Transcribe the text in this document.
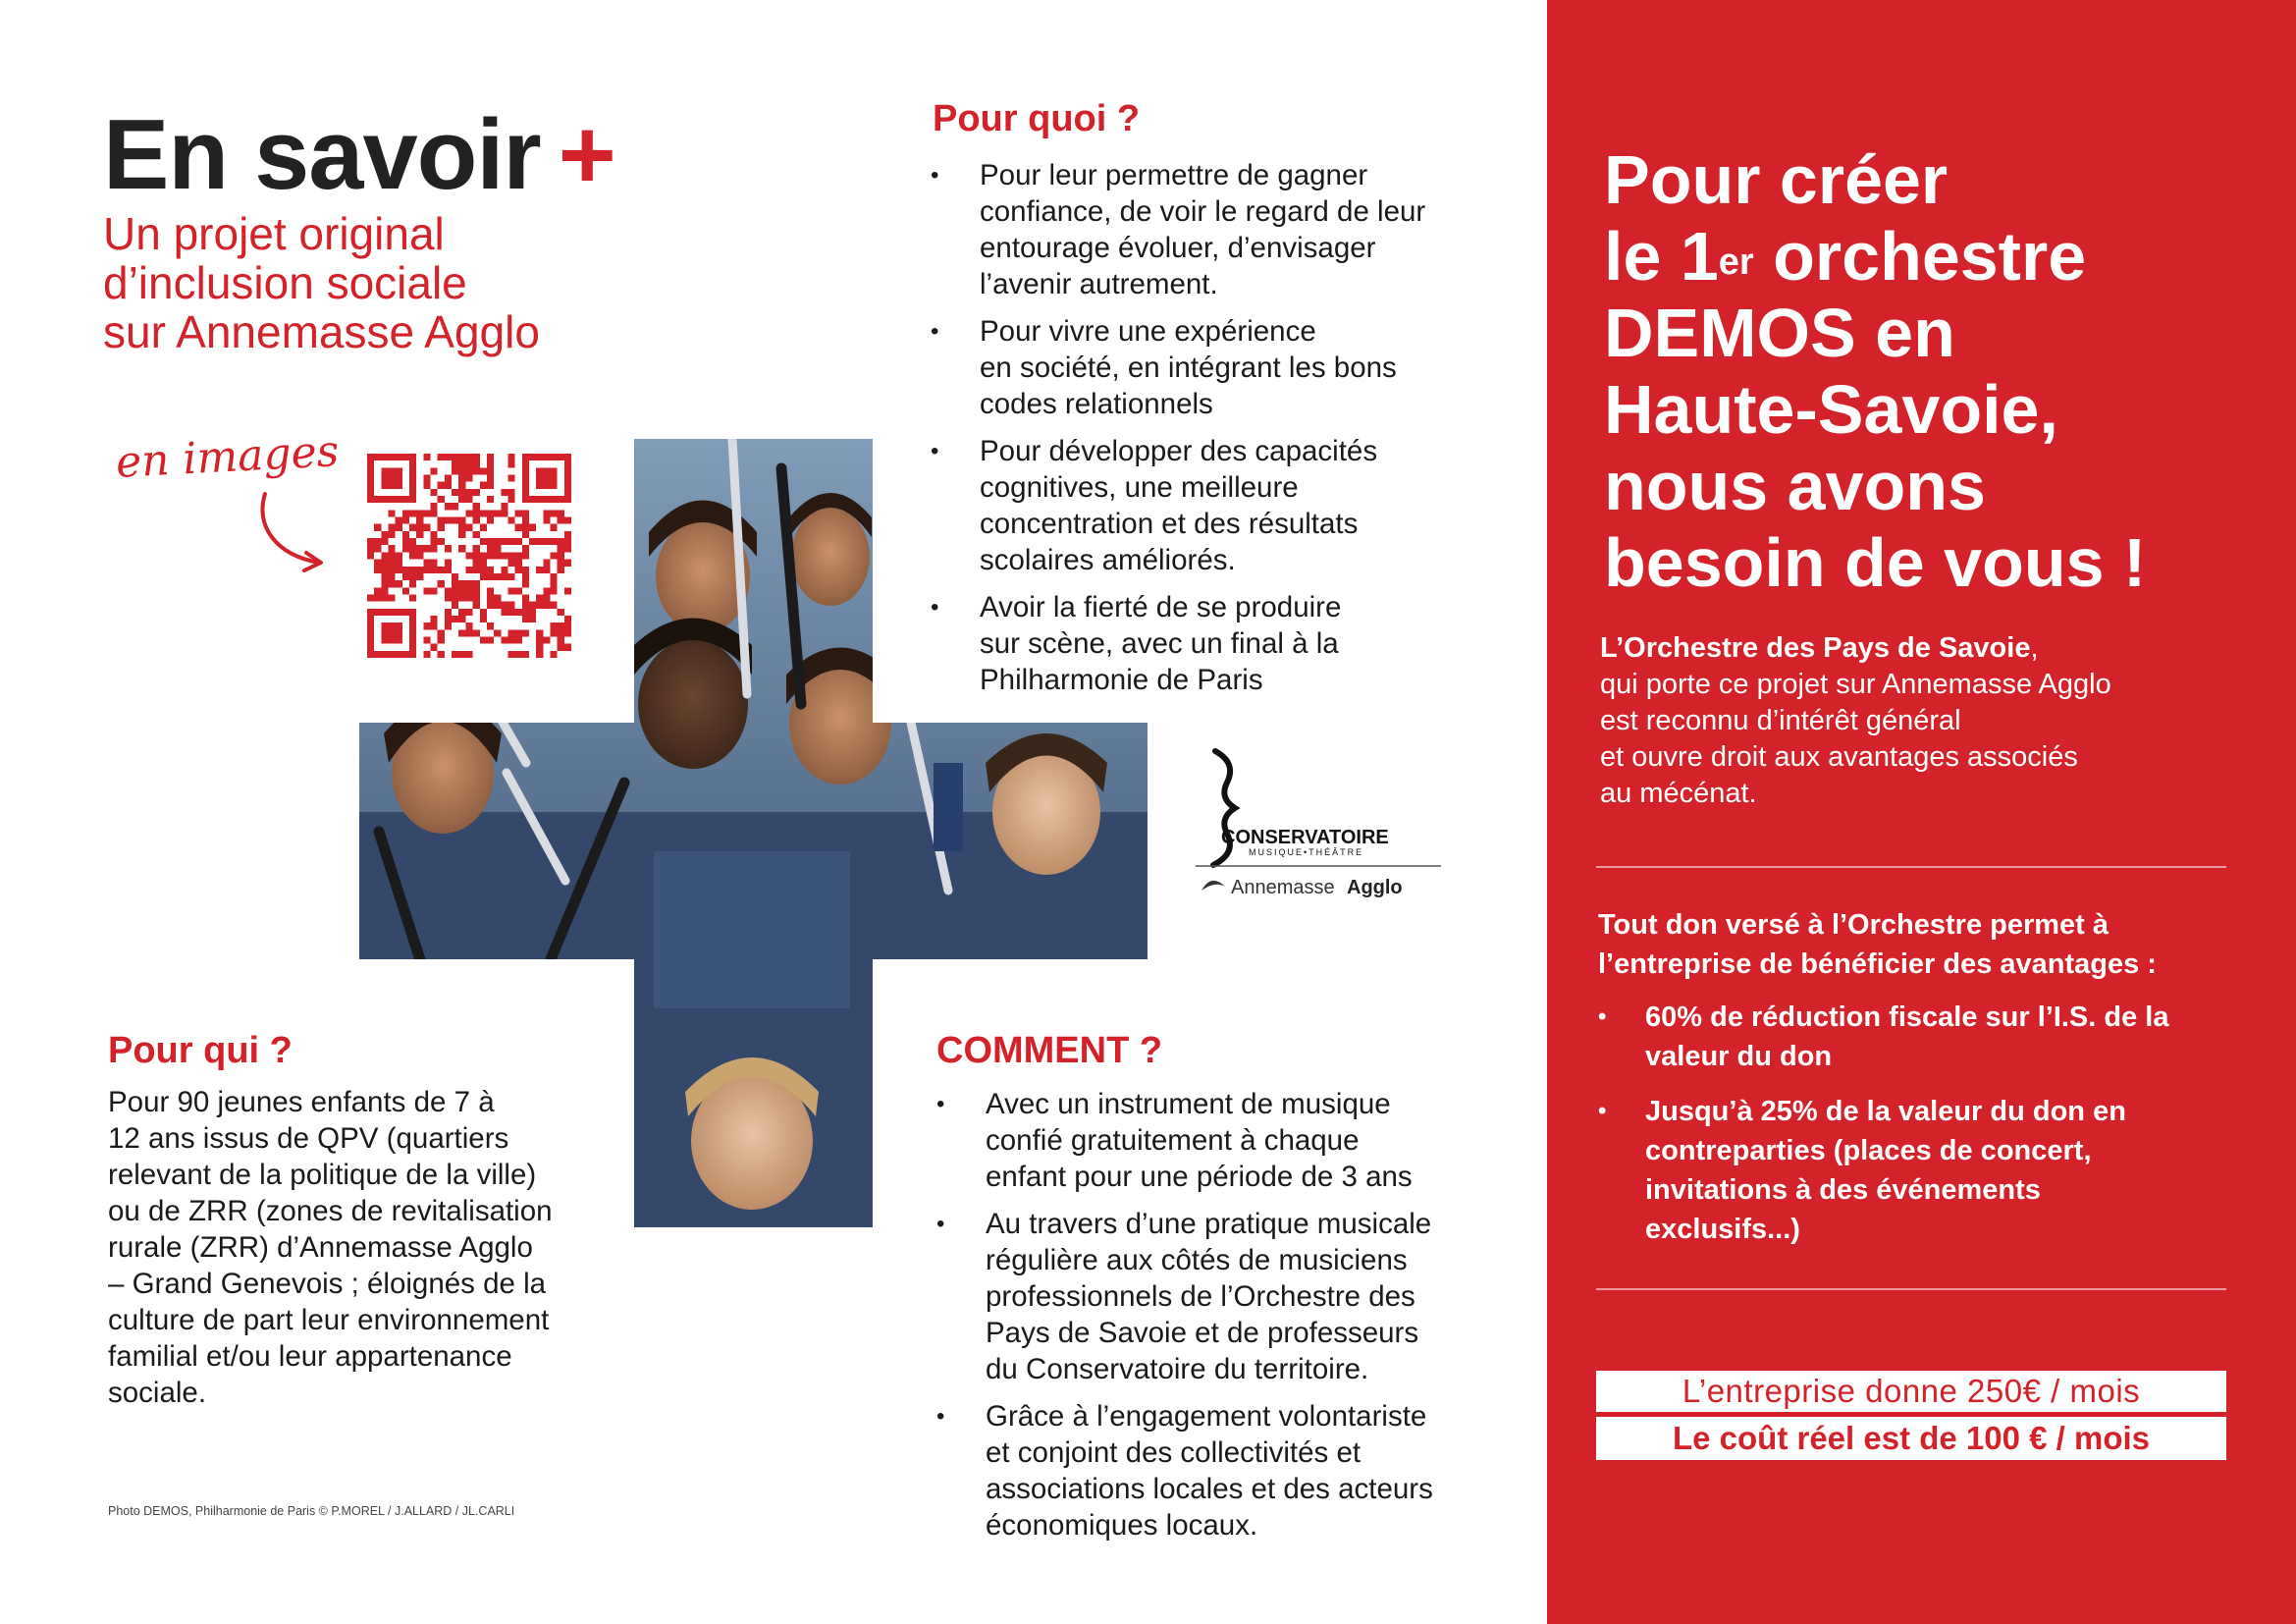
En savoir +
Un projet original
d’inclusion sociale
sur Annemasse Agglo
en images
Pour qui ?
Pour 90 jeunes enfants de 7 à
12 ans issus de QPV (quartiers
relevant de la politique de la ville)
ou de ZRR (zones de revitalisation
rurale (ZRR) d’Annemasse Agglo
– Grand Genevois ; éloignés de la
culture de part leur environnement
familial et/ou leur appartenance
sociale.
Photo DEMOS, Philharmonie de Paris © P.MOREL / J.ALLARD / JL.CARLI
Pour quoi ?
• Pour leur permettre de gagner
confiance, de voir le regard de leur
entourage évoluer, d’envisager
l’avenir autrement.
• Pour vivre une expérience
en société, en intégrant les bons
codes relationnels
• Pour développer des capacités
cognitives, une meilleure
concentration et des résultats
scolaires améliorés.
• Avoir la fierté de se produire
sur scène, avec un final à la
Philharmonie de Paris
COMMENT ?
• Avec un instrument de musique
confié gratuitement à chaque
enfant pour une période de 3 ans
• Au travers d’une pratique musicale
régulière aux côtés de musiciens
professionnels de l’Orchestre des
Pays de Savoie et de professeurs
du Conservatoire du territoire.
• Grâce à l’engagement volontariste
et conjoint des collectivités et
associations locales et des acteurs
économiques locaux.
CONSERVATOIRE
MUSIQUE•THÉÂTRE
Annemasse Agglo
Pour créer
le 1er orchestre
DEMOS en
Haute-Savoie,
nous avons
besoin de vous !
L’Orchestre des Pays de Savoie,
qui porte ce projet sur Annemasse Agglo
est reconnu d’intérêt général
et ouvre droit aux avantages associés
au mécénat.
Tout don versé à l’Orchestre permet à
l’entreprise de bénéficier des avantages :
• 60% de réduction fiscale sur l’I.S. de la
valeur du don
• Jusqu’à 25% de la valeur du don en
contreparties (places de concert,
invitations à des événements
exclusifs...)
L’entreprise donne 250€ / mois
Le coût réel est de 100 € / mois
